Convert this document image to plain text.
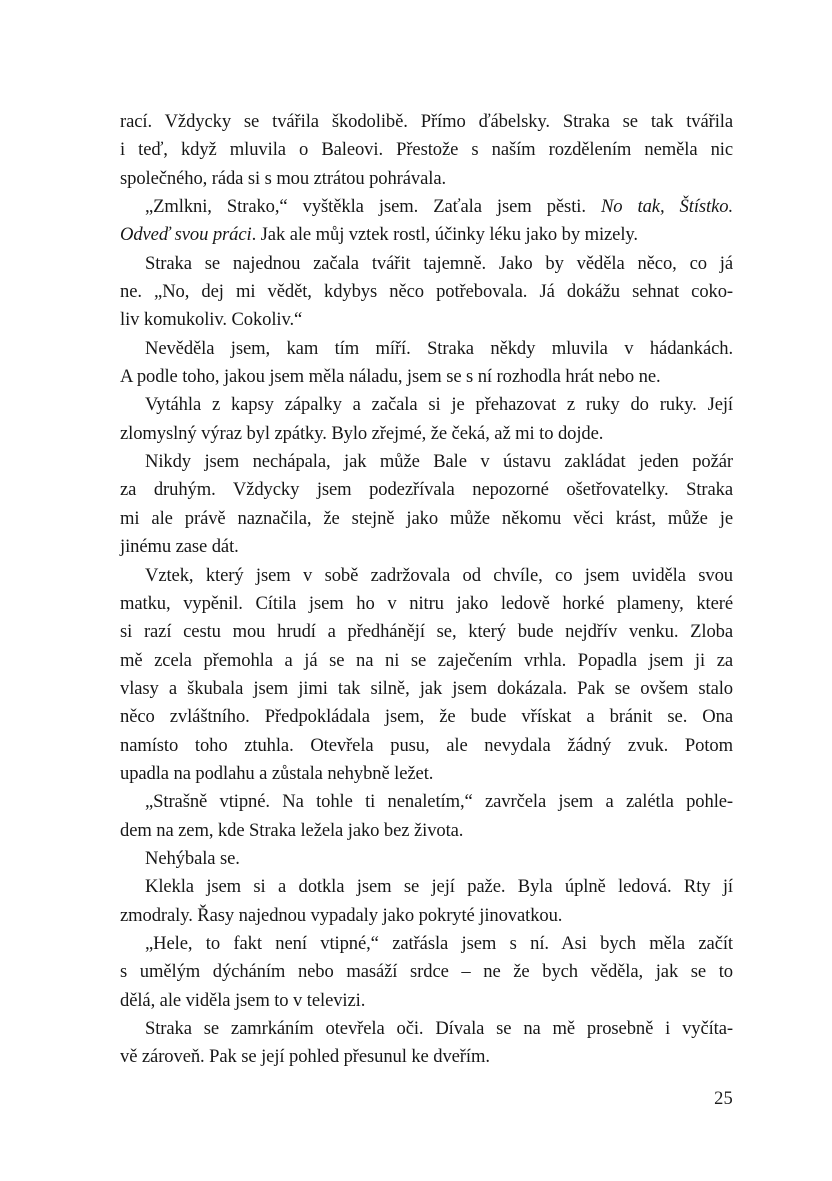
rací. Vždycky se tvářila škodolibě. Přímo ďábelsky. Straka se tak tvářila
i teď, když mluvila o Baleovi. Přestože s naším rozdělením neměla nic
společného, ráda si s mou ztrátou pohrávala.
„Zmlkni, Strako,“ vyštěkla jsem. Zaťala jsem pěsti. No tak, Štístko.
Odveď svou práci. Jak ale můj vztek rostl, účinky léku jako by mizely.
Straka se najednou začala tvářit tajemně. Jako by věděla něco, co já
ne. „No, dej mi vědět, kdybys něco potřebovala. Já dokážu sehnat coko-
liv komukoliv. Cokoliv.“
Nevěděla jsem, kam tím míří. Straka někdy mluvila v hádankách.
A podle toho, jakou jsem měla náladu, jsem se s ní rozhodla hrát nebo ne.
Vytáhla z kapsy zápalky a začala si je přehazovat z ruky do ruky. Její
zlomyslný výraz byl zpátky. Bylo zřejmé, že čeká, až mi to dojde.
Nikdy jsem nechápala, jak může Bale v ústavu zakládat jeden požár
za druhým. Vždycky jsem podezřívala nepozorné ošetřovatelky. Straka
mi ale právě naznačila, že stejně jako může někomu věci krást, může je
jinému zase dát.
Vztek, který jsem v sobě zadržovala od chvíle, co jsem uviděla svou
matku, vypěnil. Cítila jsem ho v nitru jako ledově horké plameny, které
si razí cestu mou hrudí a předhánějí se, který bude nejdřív venku. Zloba
mě zcela přemohla a já se na ni se zaječením vrhla. Popadla jsem ji za
vlasy a škubala jsem jimi tak silně, jak jsem dokázala. Pak se ovšem stalo
něco zvláštního. Předpokládala jsem, že bude vřískat a bránit se. Ona
namísto toho ztuhla. Otevřela pusu, ale nevydala žádný zvuk. Potom
upadla na podlahu a zůstala nehybně ležet.
„Strašně vtipné. Na tohle ti nenaletím,“ zavrčela jsem a zalétla pohle-
dem na zem, kde Straka ležela jako bez života.
Nehýbala se.
Klekla jsem si a dotkla jsem se její paže. Byla úplně ledová. Rty jí
zmodraly. Řasy najednou vypadaly jako pokryté jinovatkou.
„Hele, to fakt není vtipné,“ zatřásla jsem s ní. Asi bych měla začít
s umělým dýcháním nebo masáží srdce – ne že bych věděla, jak se to
dělá, ale viděla jsem to v televizi.
Straka se zamrkáním otevřela oči. Dívala se na mě prosebně i vyčíta-
vě zároveň. Pak se její pohled přesunul ke dveřím.
25
